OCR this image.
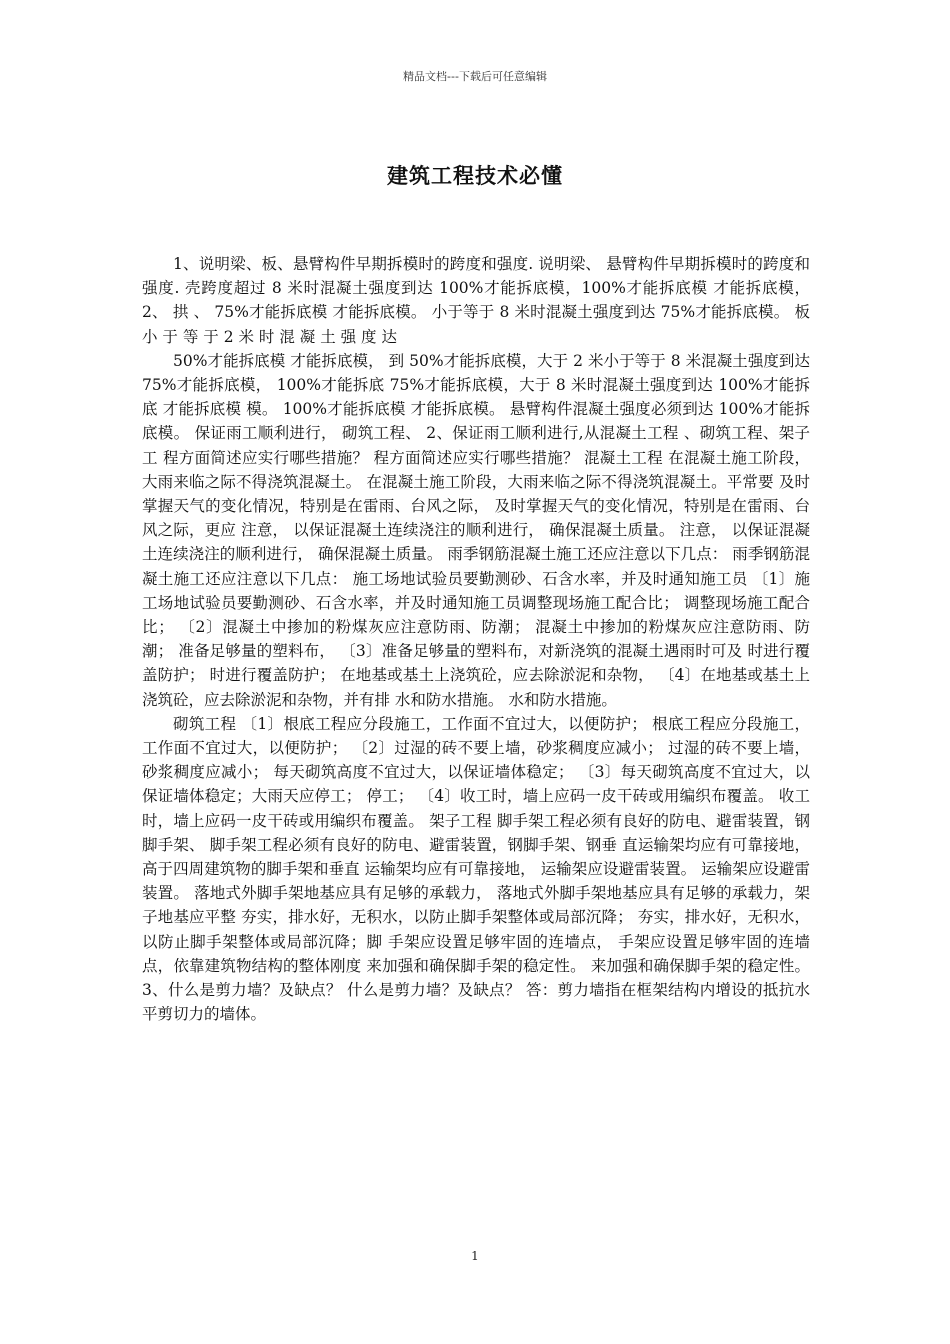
精品文档---下载后可任意编辑
建筑工程技术必懂

1、说明梁、板、悬臂构件早期拆模时的跨度和强度. 说明梁、 悬臂构件早期拆模时的跨度和强度. 壳跨度超过 8 米时混凝土强度到达 100%才能拆底模，100%才能拆底模 才能拆底模， 2、 拱 、 75%才能拆底模 才能拆底模。 小于等于 8 米时混凝土强度到达 75%才能拆底模。 板 小 于 等 于 2 米 时 混 凝 土 强 度 达

50%才能拆底模 才能拆底模， 到 50%才能拆底模，大于 2 米小于等于 8 米混凝土强度到达 75%才能拆底模， 100%才能拆底 75%才能拆底模，大于 8 米时混凝土强度到达 100%才能拆底 才能拆底模 模。 100%才能拆底模 才能拆底模。 悬臂构件混凝土强度必须到达 100%才能拆底模。 保证雨工顺利进行， 砌筑工程、 2、保证雨工顺利进行,从混凝土工程 、砌筑工程、架子工 程方面简述应实行哪些措施？ 程方面简述应实行哪些措施？ 混凝土工程 在混凝土施工阶段，大雨来临之际不得浇筑混凝土。 在混凝土施工阶段，大雨来临之际不得浇筑混凝土。平常要 及时掌握天气的变化情况，特别是在雷雨、台风之际， 及时掌握天气的变化情况，特别是在雷雨、台风之际，更应 注意， 以保证混凝土连续浇注的顺利进行， 确保混凝土质量。 注意， 以保证混凝土连续浇注的顺利进行， 确保混凝土质量。 雨季钢筋混凝土施工还应注意以下几点： 雨季钢筋混凝土施工还应注意以下几点： 施工场地试验员要勤测砂、石含水率，并及时通知施工员 〔1〕施工场地试验员要勤测砂、石含水率，并及时通知施工员调整现场施工配合比； 调整现场施工配合比； 〔2〕混凝土中掺加的粉煤灰应注意防雨、防潮； 混凝土中掺加的粉煤灰应注意防雨、防潮； 准备足够量的塑料布， 〔3〕准备足够量的塑料布，对新浇筑的混凝土遇雨时可及 时进行覆盖防护； 时进行覆盖防护； 在地基或基土上浇筑砼，应去除淤泥和杂物， 〔4〕在地基或基土上浇筑砼，应去除淤泥和杂物，并有排 水和防水措施。 水和防水措施。

砌筑工程 〔1〕根底工程应分段施工，工作面不宜过大，以便防护； 根底工程应分段施工，工作面不宜过大，以便防护； 〔2〕过湿的砖不要上墙，砂浆稠度应减小； 过湿的砖不要上墙，砂浆稠度应减小； 每天砌筑高度不宜过大，以保证墙体稳定； 〔3〕每天砌筑高度不宜过大，以保证墙体稳定；大雨天应停工； 停工； 〔4〕收工时，墙上应码一皮干砖或用编织布覆盖。 收工时，墙上应码一皮干砖或用编织布覆盖。 架子工程 脚手架工程必须有良好的防电、避雷装置，钢脚手架、 脚手架工程必须有良好的防电、避雷装置，钢脚手架、钢垂 直运输架均应有可靠接地，高于四周建筑物的脚手架和垂直 运输架均应有可靠接地， 运输架应设避雷装置。 运输架应设避雷装置。 落地式外脚手架地基应具有足够的承载力， 落地式外脚手架地基应具有足够的承载力，架子地基应平整 夯实，排水好，无积水，以防止脚手架整体或局部沉降； 夯实，排水好，无积水，以防止脚手架整体或局部沉降；脚 手架应设置足够牢固的连墙点， 手架应设置足够牢固的连墙点，依靠建筑物结构的整体刚度 来加强和确保脚手架的稳定性。 来加强和确保脚手架的稳定性。 3、什么是剪力墙？及缺点？ 什么是剪力墙？及缺点？ 答：剪力墙指在框架结构内增设的抵抗水平剪切力的墙体。

1
